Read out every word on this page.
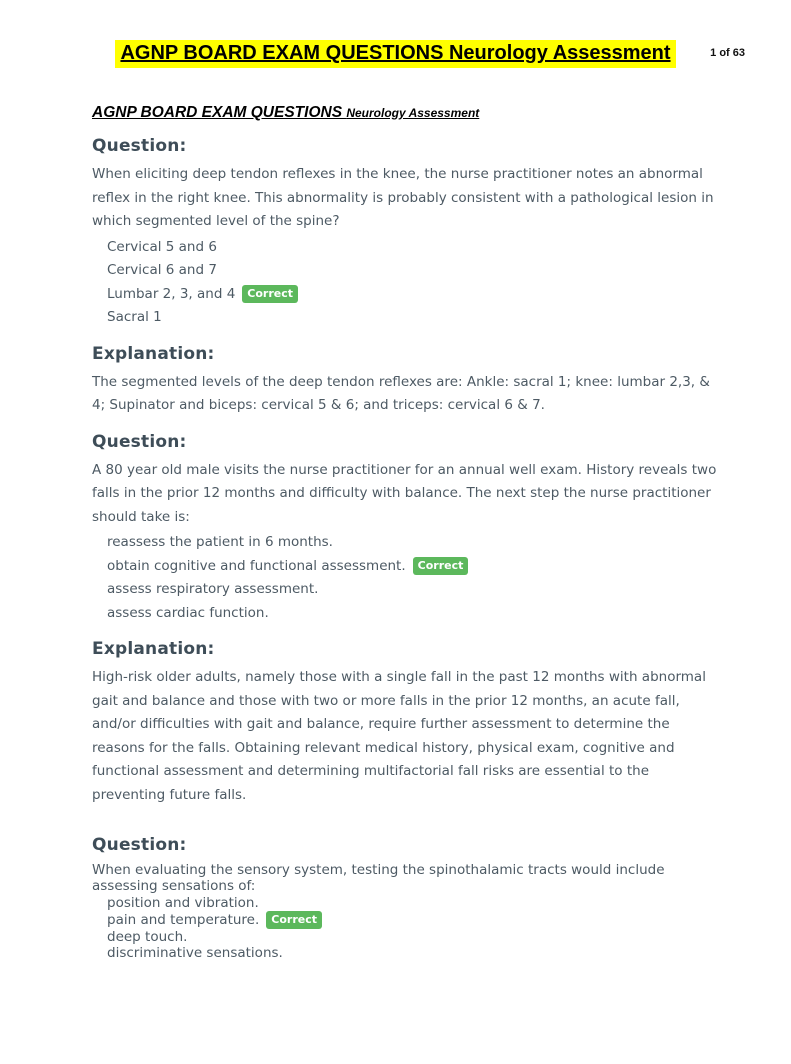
1 of 63
AGNP BOARD EXAM QUESTIONS Neurology Assessment
AGNP BOARD EXAM QUESTIONS Neurology Assessment
Question:
When eliciting deep tendon reflexes in the knee, the nurse practitioner notes an abnormal reflex in the right knee. This abnormality is probably consistent with a pathological lesion in which segmented level of the spine?
Cervical 5 and 6
Cervical 6 and 7
Lumbar 2, 3, and 4 Correct
Sacral 1
Explanation:
The segmented levels of the deep tendon reflexes are: Ankle: sacral 1; knee: lumbar 2,3, & 4; Supinator and biceps: cervical 5 & 6; and triceps: cervical 6 & 7.
Question:
A 80 year old male visits the nurse practitioner for an annual well exam. History reveals two falls in the prior 12 months and difficulty with balance. The next step the nurse practitioner should take is:
reassess the patient in 6 months.
obtain cognitive and functional assessment. Correct
assess respiratory assessment.
assess cardiac function.
Explanation:
High-risk older adults, namely those with a single fall in the past 12 months with abnormal gait and balance and those with two or more falls in the prior 12 months, an acute fall, and/or difficulties with gait and balance, require further assessment to determine the reasons for the falls. Obtaining relevant medical history, physical exam, cognitive and functional assessment and determining multifactorial fall risks are essential to the preventing future falls.
Question:
When evaluating the sensory system, testing the spinothalamic tracts would include assessing sensations of:
position and vibration.
pain and temperature. Correct
deep touch.
discriminative sensations.
